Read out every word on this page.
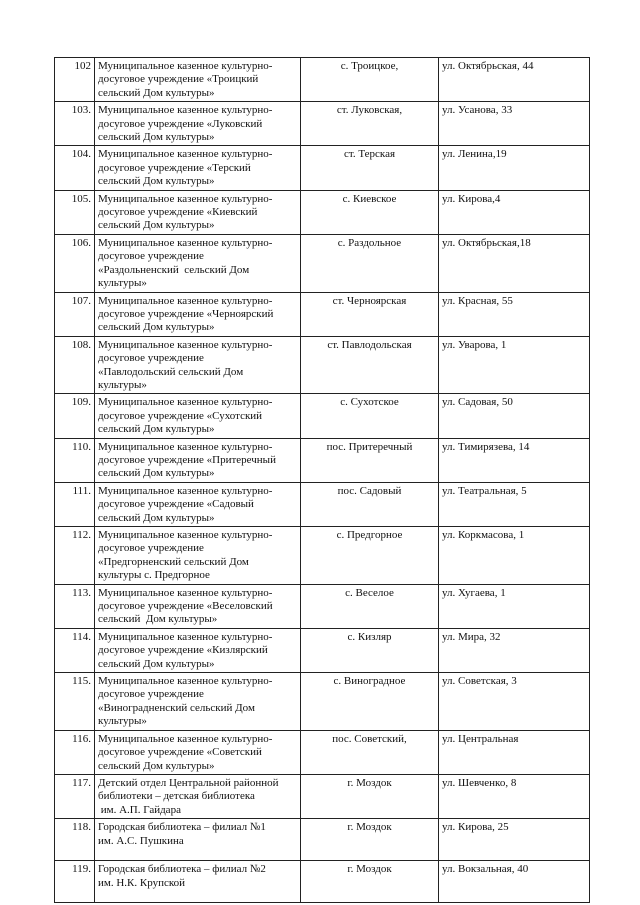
102	Муниципальное казенное культурно-
досуговое учреждение «Троицкий
сельский Дом культуры»	с. Троицкое,	ул. Октябрьская, 44
103.	Муниципальное казенное культурно-
досуговое учреждение «Луковский
сельский Дом культуры»	ст. Луковская,	ул. Усанова, 33
104.	Муниципальное казенное культурно-
досуговое учреждение «Терский
сельский Дом культуры»	ст. Терская	ул. Ленина,19
105.	Муниципальное казенное культурно-
досуговое учреждение «Киевский
сельский Дом культуры»	с. Киевское	ул. Кирова,4
106.	Муниципальное казенное культурно-
досуговое учреждение
«Раздольненский  сельский Дом
культуры»	с. Раздольное	ул. Октябрьская,18
107.	Муниципальное казенное культурно-
досуговое учреждение «Черноярский
сельский Дом культуры»	ст. Черноярская	ул. Красная, 55
108.	Муниципальное казенное культурно-
досуговое учреждение
«Павлодольский сельский Дом
культуры»	ст. Павлодольская	ул. Уварова, 1
109.	Муниципальное казенное культурно-
досуговое учреждение «Сухотский
сельский Дом культуры»	с. Сухотское	ул. Садовая, 50
110.	Муниципальное казенное культурно-
досуговое учреждение «Притеречный
сельский Дом культуры»	пос. Притеречный	ул. Тимирязева, 14
111.	Муниципальное казенное культурно-
досуговое учреждение «Садовый
сельский Дом культуры»	пос. Садовый	ул. Театральная, 5
112.	Муниципальное казенное культурно-
досуговое учреждение
«Предгорненский сельский Дом
культуры с. Предгорное	с. Предгорное	ул. Коркмасова, 1
113.	Муниципальное казенное культурно-
досуговое учреждение «Веселовский
сельский  Дом культуры»	с. Веселое	ул. Хугаева, 1
114.	Муниципальное казенное культурно-
досуговое учреждение «Кизлярский
сельский Дом культуры»	с. Кизляр	ул. Мира, 32
115.	Муниципальное казенное культурно-
досуговое учреждение
«Виноградненский сельский Дом
культуры»	с. Виноградное	ул. Советская, 3
116.	Муниципальное казенное культурно-
досуговое учреждение «Советский
сельский Дом культуры»	пос. Советский,	ул. Центральная
117.	Детский отдел Центральной районной
библиотеки – детская библиотека
им. А.П. Гайдара	г. Моздок	ул. Шевченко, 8
118.	Городская библиотека – филиал №1
им. А.С. Пушкина	г. Моздок	ул. Кирова, 25
119.	Городская библиотека – филиал №2
им. Н.К. Крупской	г. Моздок	ул. Вокзальная, 40
